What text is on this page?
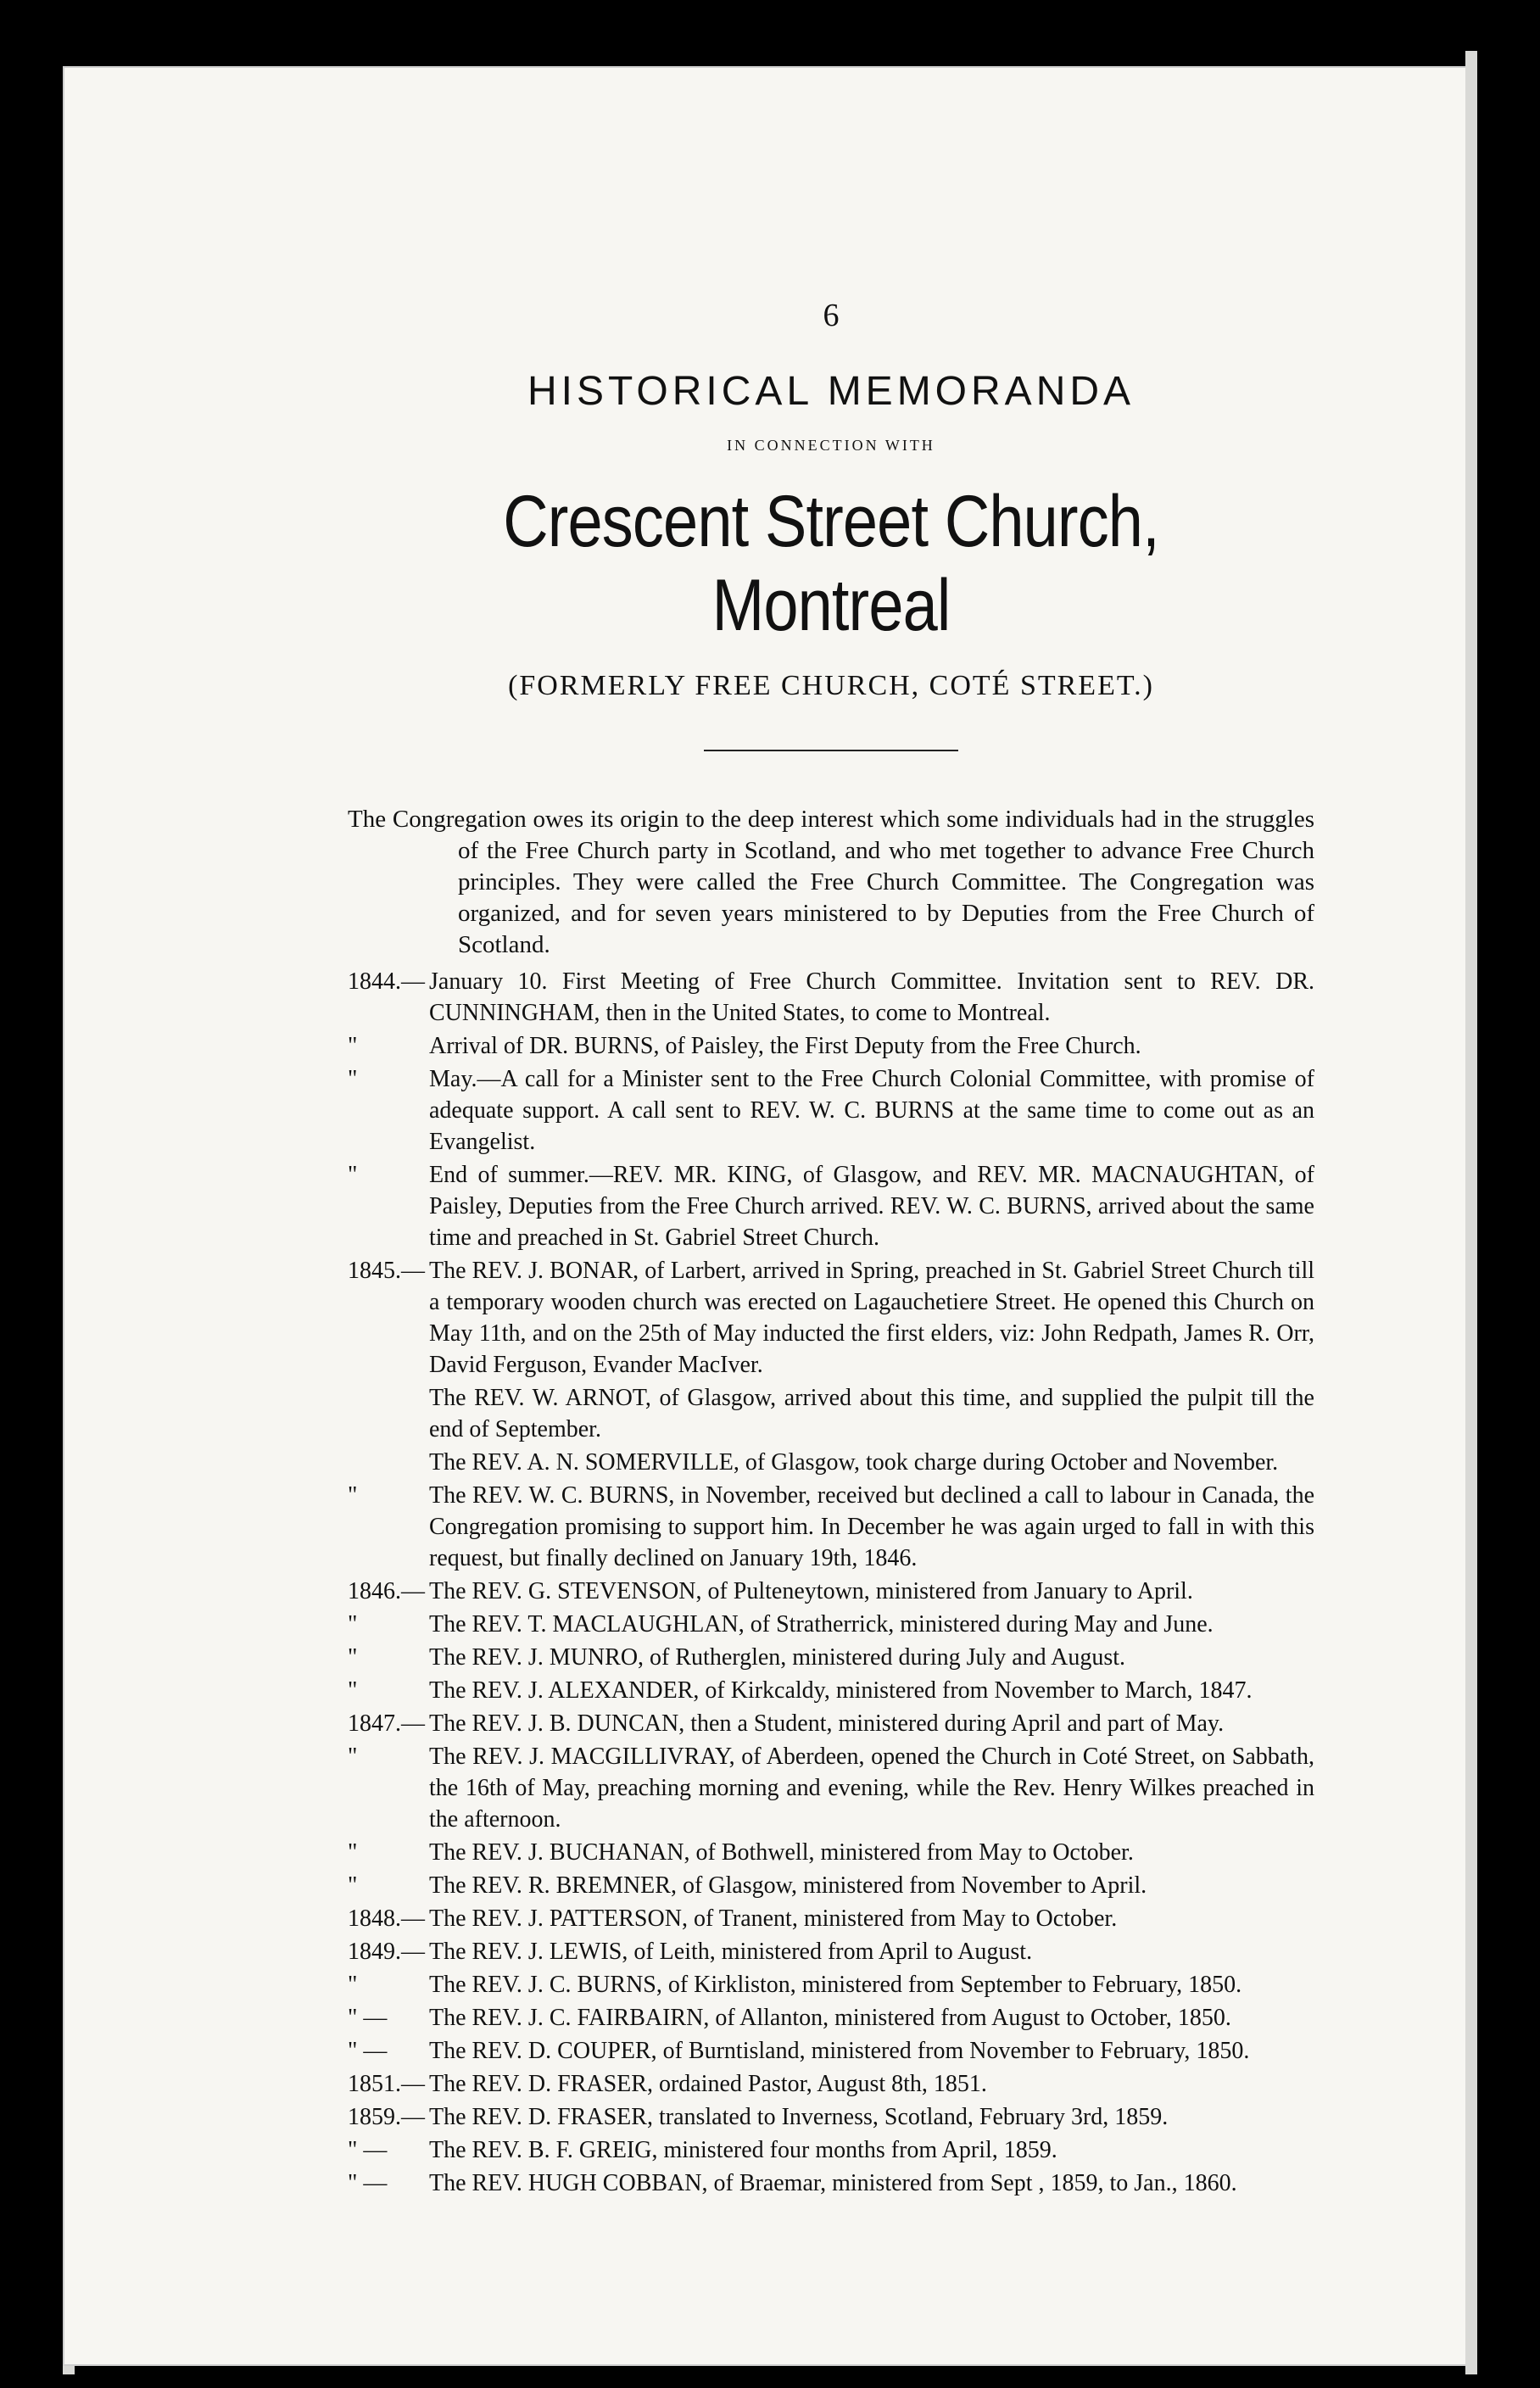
6
HISTORICAL MEMORANDA
IN CONNECTION WITH
Crescent Street Church, Montreal
(FORMERLY FREE CHURCH, COTÉ STREET.)

The Congregation owes its origin to the deep interest which some individuals had in the struggles of the Free Church party in Scotland, and who met together to advance Free Church principles. They were called the Free Church Committee. The Congregation was organized, and for seven years ministered to by Deputies from the Free Church of Scotland.

1844.— January 10. First Meeting of Free Church Committee. Invitation sent to REV. DR. CUNNINGHAM, then in the United States, to come to Montreal.
"	Arrival of DR. BURNS, of Paisley, the First Deputy from the Free Church.
"	May.—A call for a Minister sent to the Free Church Colonial Committee, with promise of adequate support. A call sent to REV. W. C. BURNS at the same time to come out as an Evangelist.
"	End of summer.—REV. MR. KING, of Glasgow, and REV. MR. MACNAUGHTAN, of Paisley, Deputies from the Free Church arrived. REV. W. C. BURNS, arrived about the same time and preached in St. Gabriel Street Church.
1845.— The REV. J. BONAR, of Larbert, arrived in Spring, preached in St. Gabriel Street Church till a temporary wooden church was erected on Lagauchetiere Street. He opened this Church on May 11th, and on the 25th of May inducted the first elders, viz: John Redpath, James R. Orr, David Ferguson, Evander MacIver.
The REV. W. ARNOT, of Glasgow, arrived about this time, and supplied the pulpit till the end of September.
The REV. A. N. SOMERVILLE, of Glasgow, took charge during October and November.
"	The REV. W. C. BURNS, in November, received but declined a call to labour in Canada, the Congregation promising to support him. In December he was again urged to fall in with this request, but finally declined on January 19th, 1846.
1846.— The REV. G. STEVENSON, of Pulteneytown, ministered from January to April.
"	The REV. T. MACLAUGHLAN, of Stratherrick, ministered during May and June.
"	The REV. J. MUNRO, of Rutherglen, ministered during July and August.
"	The REV. J. ALEXANDER, of Kirkcaldy, ministered from November to March, 1847.
1847.— The REV. J. B. DUNCAN, then a Student, ministered during April and part of May.
"	The REV. J. MACGILLIVRAY, of Aberdeen, opened the Church in Coté Street, on Sabbath, the 16th of May, preaching morning and evening, while the Rev. Henry Wilkes preached in the afternoon.
"	The REV. J. BUCHANAN, of Bothwell, ministered from May to October.
"	The REV. R. BREMNER, of Glasgow, ministered from November to April.
1848.— The REV. J. PATTERSON, of Tranent, ministered from May to October.
1849.— The REV. J. LEWIS, of Leith, ministered from April to August.
"	The REV. J. C. BURNS, of Kirkliston, ministered from September to February, 1850.
" —	The REV. J. C. FAIRBAIRN, of Allanton, ministered from August to October, 1850.
" —	The REV. D. COUPER, of Burntisland, ministered from November to February, 1850.
1851.— The REV. D. FRASER, ordained Pastor, August 8th, 1851.
1859.— The REV. D. FRASER, translated to Inverness, Scotland, February 3rd, 1859.
" —	The REV. B. F. GREIG, ministered four months from April, 1859.
" —	The REV. HUGH COBBAN, of Braemar, ministered from Sept , 1859, to Jan., 1860.
